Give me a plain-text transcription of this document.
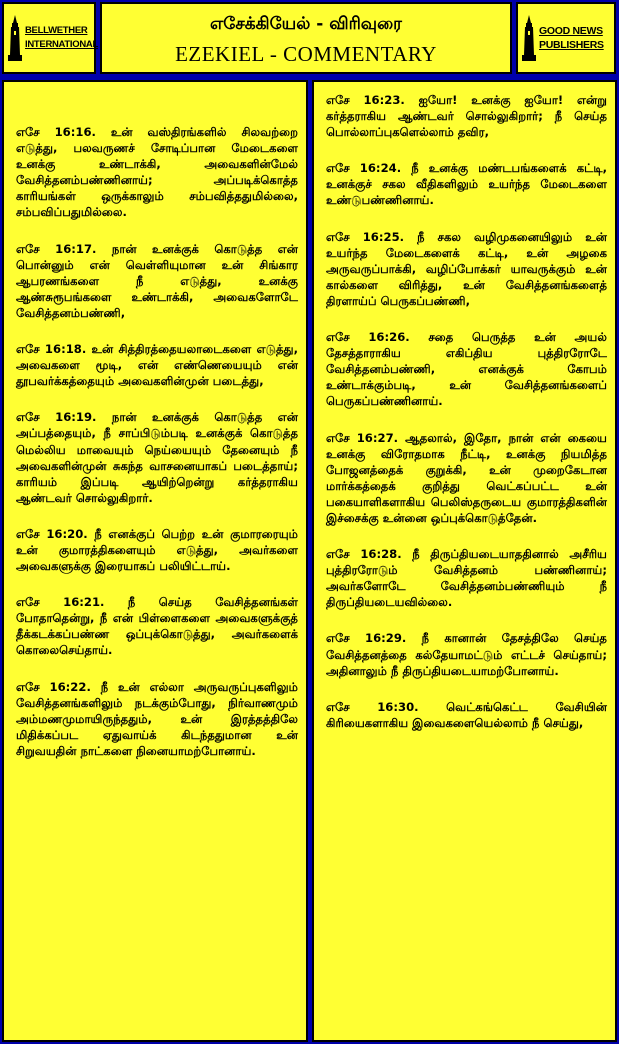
BELLWETHER
INTERNATIONAL
எசேக்கியேல் - விரிவுரை
EZEKIEL - COMMENTARY
GOOD NEWS
PUBLISHERS

எசே 16:16. உன் வஸ்திரங்களில் சிலவற்றை எடுத்து, பலவருணச் சோடிப்பான மேடைகளை உனக்கு உண்டாக்கி, அவைகளின்மேல் வேசித்தனம்பண்ணினாய்; அப்படிக்கொத்த காரியங்கள் ஒருக்காலும் சம்பவித்ததுமில்லை, சம்பவிப்பதுமில்லை.

எசே 16:17. நான் உனக்குக் கொடுத்த என் பொன்னும் என் வெள்ளியுமான உன் சிங்கார ஆபரணங்களை நீ எடுத்து, உனக்கு ஆண்சுரூபங்களை உண்டாக்கி, அவைகளோடே வேசித்தனம்பண்ணி,

எசே 16:18. உன் சித்திரத்தையலாடைகளை எடுத்து, அவைகளை மூடி, என் எண்ணெயையும் என் தூபவர்க்கத்தையும் அவைகளின்முன் படைத்து,

எசே 16:19. நான் உனக்குக் கொடுத்த என் அப்பத்தையும், நீ சாப்பிடும்படி உனக்குக் கொடுத்த மெல்லிய மாவையும் நெய்யையும் தேனையும் நீ அவைகளின்முன் சுகந்த வாசனையாகப் படைத்தாய்; காரியம் இப்படி ஆயிற்றென்று கர்த்தராகிய ஆண்டவர் சொல்லுகிறார்.

எசே 16:20. நீ எனக்குப் பெற்ற உன் குமாரரையும் உன் குமாரத்திகளையும் எடுத்து, அவர்களை அவைகளுக்கு இரையாகப் பலியிட்டாய்.

எசே 16:21. நீ செய்த வேசித்தனங்கள் போதாதென்று, நீ என் பிள்ளைகளை அவைகளுக்குத் தீக்கடக்கப்பண்ண ஒப்புக்கொடுத்து, அவர்களைக் கொலைசெய்தாய்.

எசே 16:22. நீ உன் எல்லா அருவருப்புகளிலும் வேசித்தனங்களிலும் நடக்கும்போது, நிர்வாணமும் அம்மணமுமாயிருந்ததும், உன் இரத்தத்திலே மிதிக்கப்பட ஏதுவாய்க் கிடந்ததுமான உன் சிறுவயதின் நாட்களை நினையாமற்போனாய்.

எசே 16:23. ஐயோ! உனக்கு ஐயோ! என்று கர்த்தராகிய ஆண்டவர் சொல்லுகிறார்; நீ செய்த பொல்லாப்புகளெல்லாம் தவிர,

எசே 16:24. நீ உனக்கு மண்டபங்களைக் கட்டி, உனக்குச் சகல வீதிகளிலும் உயர்ந்த மேடைகளை உண்டுபண்ணினாய்.

எசே 16:25. நீ சகல வழிமுகனையிலும் உன் உயர்ந்த மேடைகளைக் கட்டி, உன் அழகை அருவருப்பாக்கி, வழிப்போக்கர் யாவருக்கும் உன் கால்களை விரித்து, உன் வேசித்தனங்களைத் திரளாய்ப் பெருகப்பண்ணி,

எசே 16:26. சதை பெருத்த உன் அயல் தேசத்தாராகிய எகிப்திய புத்திரரோடே வேசித்தனம்பண்ணி, எனக்குக் கோபம் உண்டாக்கும்படி, உன் வேசித்தனங்களைப் பெருகப்பண்ணினாய்.

எசே 16:27. ஆதலால், இதோ, நான் என் கையை உனக்கு விரோதமாக நீட்டி, உனக்கு நியமித்த போஜனத்தைக் குறுக்கி, உன் முறைகேடான மார்க்கத்தைக் குறித்து வெட்கப்பட்ட உன் பகையாளிகளாகிய பெலிஸ்தருடைய குமாரத்திகளின் இச்சைக்கு உன்னை ஒப்புக்கொடுத்தேன்.

எசே 16:28. நீ திருப்தியடையாததினால் அசீரிய புத்திரரோடும் வேசித்தனம் பண்ணினாய்; அவர்களோடே வேசித்தனம்பண்ணியும் நீ திருப்தியடையவில்லை.

எசே 16:29. நீ கானான் தேசத்திலே செய்த வேசித்தனத்தை கல்தேயாமட்டும் எட்டச் செய்தாய்; அதினாலும் நீ திருப்தியடையாமற்போனாய்.

எசே 16:30. வெட்கங்கெட்ட வேசியின் கிரியைகளாகிய இவைகளையெல்லாம் நீ செய்து,
